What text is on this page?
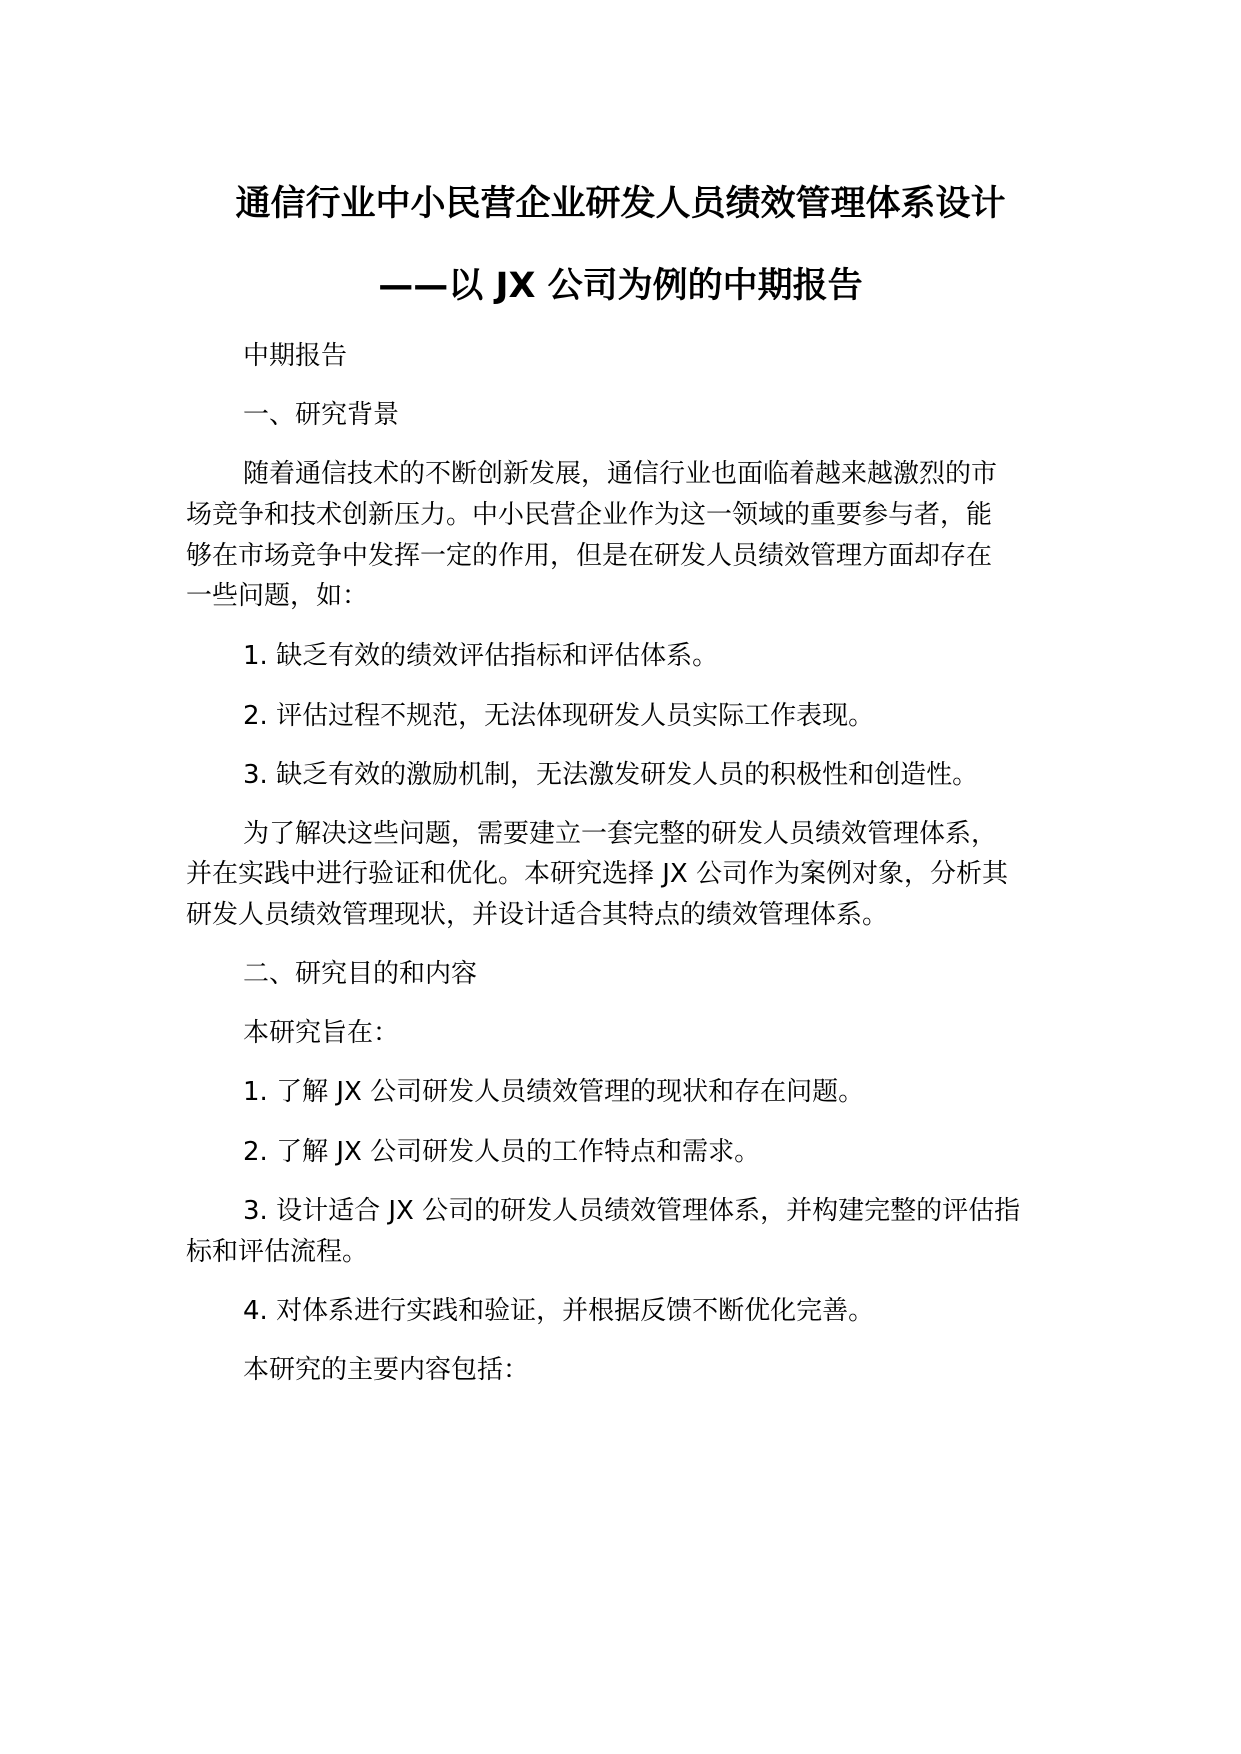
通信行业中小民营企业研发人员绩效管理体系设计
——以 JX 公司为例的中期报告
中期报告
一、研究背景
随着通信技术的不断创新发展，通信行业也面临着越来越激烈的市
场竞争和技术创新压力。中小民营企业作为这一领域的重要参与者，能
够在市场竞争中发挥一定的作用，但是在研发人员绩效管理方面却存在
一些问题，如：
1. 缺乏有效的绩效评估指标和评估体系。
2. 评估过程不规范，无法体现研发人员实际工作表现。
3. 缺乏有效的激励机制，无法激发研发人员的积极性和创造性。
为了解决这些问题，需要建立一套完整的研发人员绩效管理体系，
并在实践中进行验证和优化。本研究选择 JX 公司作为案例对象，分析其
研发人员绩效管理现状，并设计适合其特点的绩效管理体系。
二、研究目的和内容
本研究旨在：
1. 了解 JX 公司研发人员绩效管理的现状和存在问题。
2. 了解 JX 公司研发人员的工作特点和需求。
3. 设计适合 JX 公司的研发人员绩效管理体系，并构建完整的评估指
标和评估流程。
4. 对体系进行实践和验证，并根据反馈不断优化完善。
本研究的主要内容包括：
